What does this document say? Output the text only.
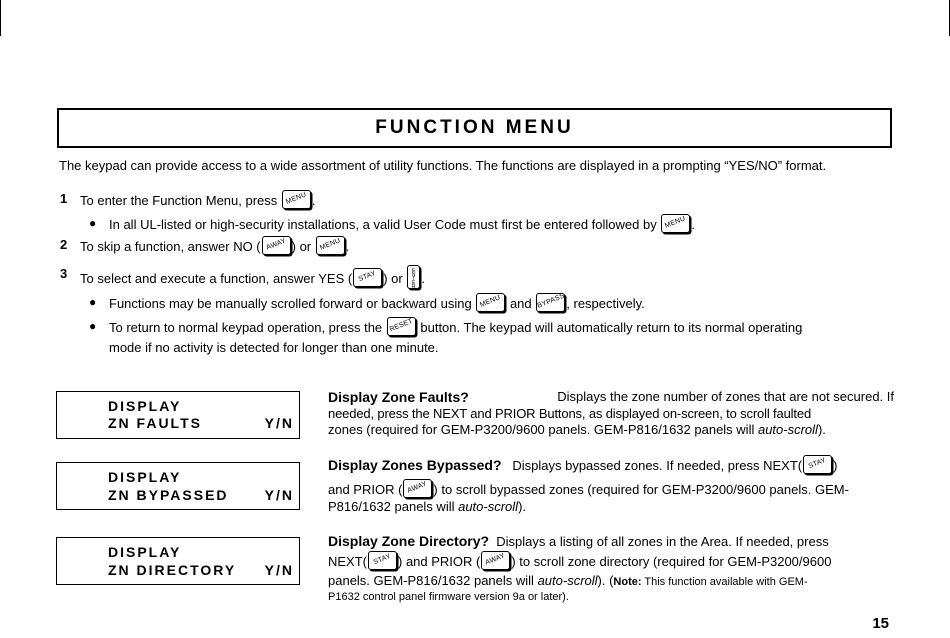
FUNCTION MENU
The keypad can provide access to a wide assortment of utility functions. The functions are displayed in a prompting “YES/NO” format.
1 To enter the Function Menu, press MENU .
● In all UL-listed or high-security installations, a valid User Code must first be entered followed by MENU .
2 To skip a function, answer NO ( AWAY ) or MENU .
3 To select and execute a function, answer YES ( STAY ) or ENTER
.
● Functions may be manually scrolled forward or backward using MENU and BYPASS , respectively.
● To return to normal keypad operation, press the RESET button. The keypad will automatically return to its normal operating
mode if no activity is detected for longer than one minute.
DISPLAY
ZN FAULTS	Y/N
DISPLAY
ZN BYPASSED	Y/N
DISPLAY
ZN DIRECTORY Y/N
Display Zone Faults?	Displays the zone number of zones that are not secured. If
needed, press the NEXT and PRIOR Buttons, as displayed on-screen, to scroll faulted
zones (required for GEM-P3200/9600 panels. GEM-P816/1632 panels will auto-scroll).
Display Zones Bypassed? Displays bypassed zones. If needed, press NEXT( STAY )
and PRIOR ( AWAY ) to scroll bypassed zones (required for GEM-P3200/9600 panels. GEM-
P816/1632 panels will auto-scroll).
Display Zone Directory? Displays a listing of all zones in the Area. If needed, press
NEXT( STAY ) and PRIOR ( AWAY ) to scroll zone directory (required for GEM-P3200/9600
panels. GEM-P816/1632 panels will auto-scroll). (Note: This function available with GEM-
P1632 control panel firmware version 9a or later).
15
